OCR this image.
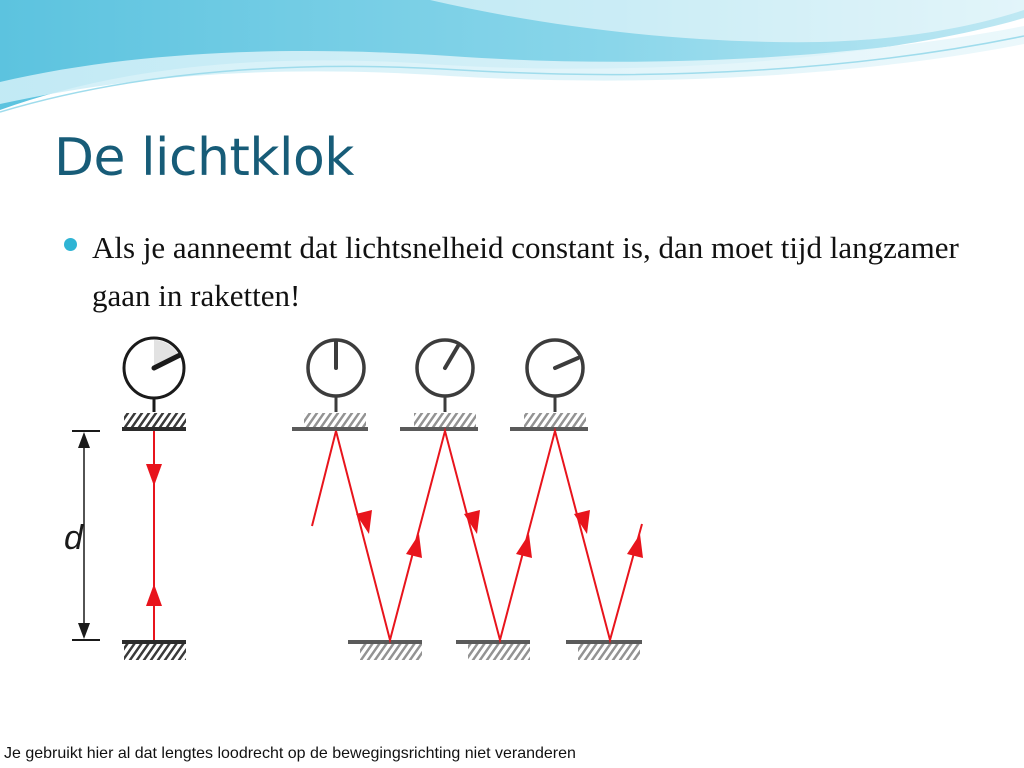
De lichtklok
Als je aanneemt dat lichtsnelheid constant is, dan moet tijd langzamer gaan in raketten!
d

Je gebruikt hier al dat lengtes loodrecht op de bewegingsrichting niet veranderen
